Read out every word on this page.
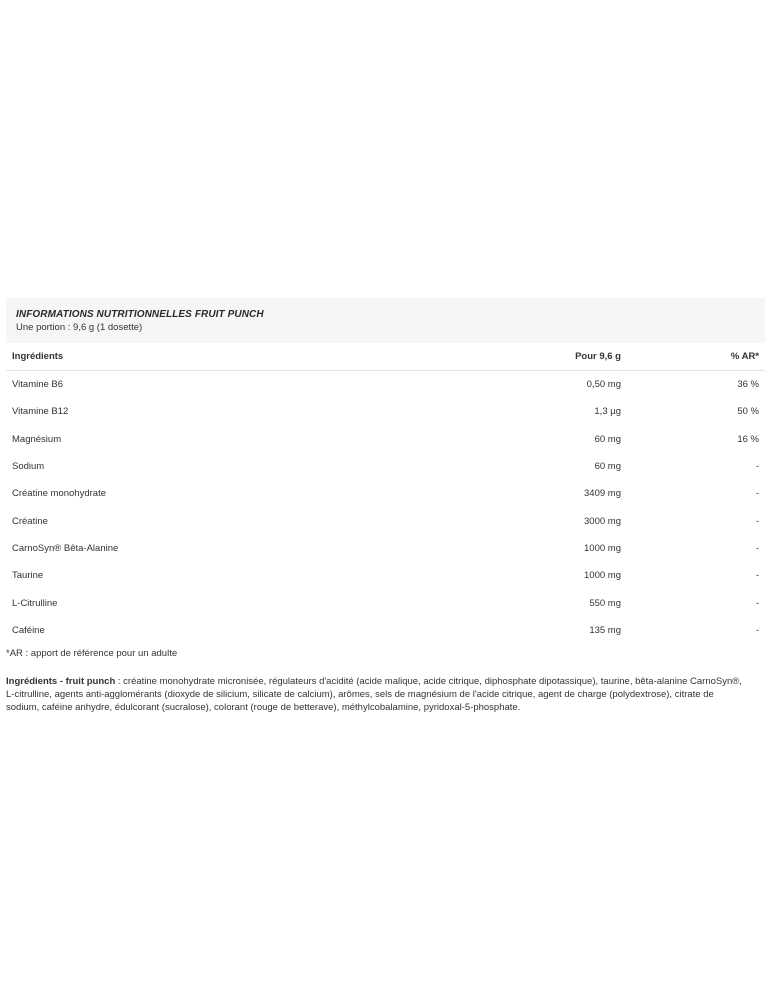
INFORMATIONS NUTRITIONNELLES FRUIT PUNCH
Une portion : 9,6 g (1 dosette)
Ingrédients	Pour 9,6 g	% AR*
Vitamine B6	0,50 mg	36 %
Vitamine B12	1,3 µg	50 %
Magnésium	60 mg	16 %
Sodium	60 mg	-
Créatine monohydrate	3409 mg	-
Créatine	3000 mg	-
CarnoSyn® Bêta-Alanine	1000 mg	-
Taurine	1000 mg	-
L-Citrulline	550 mg	-
Caféine	135 mg	-
*AR : apport de référence pour un adulte

Ingrédients - fruit punch : créatine monohydrate micronisée, régulateurs d'acidité (acide malique, acide citrique, diphosphate dipotassique), taurine, bêta-alanine CarnoSyn®, L-citrulline, agents anti-agglomérants (dioxyde de silicium, silicate de calcium), arômes, sels de magnésium de l'acide citrique, agent de charge (polydextrose), citrate de sodium, caféine anhydre, édulcorant (sucralose), colorant (rouge de betterave), méthylcobalamine, pyridoxal-5-phosphate.
